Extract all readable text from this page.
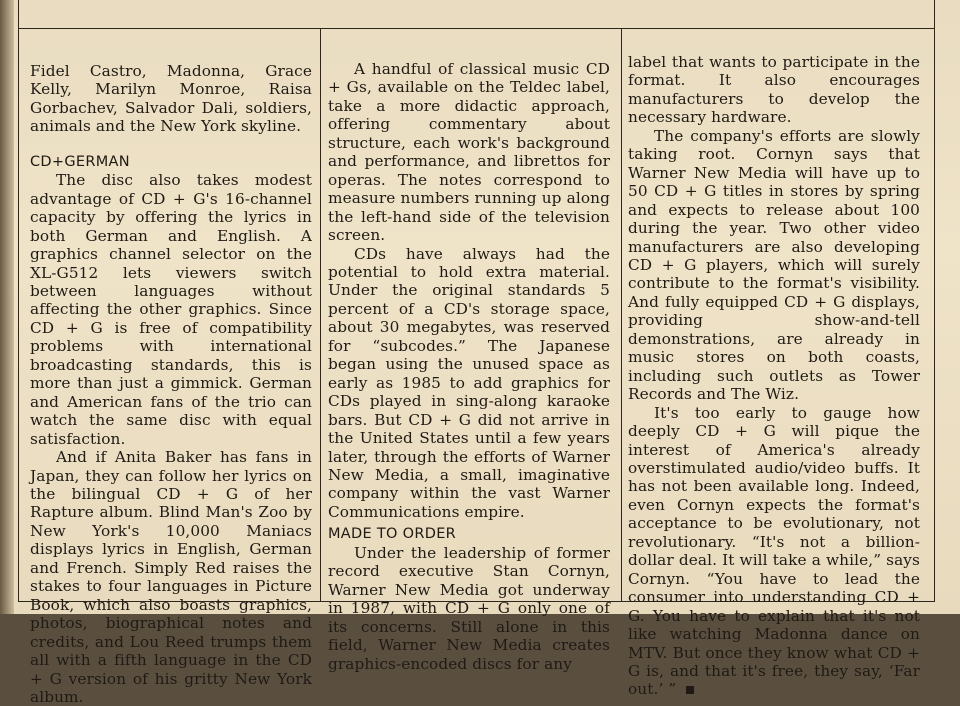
Fidel Castro, Madonna, Grace Kelly, Marilyn Monroe, Raisa Gorbachev, Salvador Dali, soldiers, animals and the New York skyline.

CD+GERMAN

The disc also takes modest advantage of CD + G's 16-channel capacity by offering the lyrics in both German and English. A graphics channel selector on the XL-G512 lets viewers switch between languages without affecting the other graphics. Since CD + G is free of compatibility problems with international broadcasting standards, this is more than just a gimmick. German and American fans of the trio can watch the same disc with equal satisfaction.

And if Anita Baker has fans in Japan, they can follow her lyrics on the bilingual CD + G of her Rapture album. Blind Man's Zoo by New York's 10,000 Maniacs displays lyrics in English, German and French. Simply Red raises the stakes to four languages in Picture Book, which also boasts graphics, photos, biographical notes and credits, and Lou Reed trumps them all with a fifth language in the CD + G version of his gritty New York album.

A handful of classical music CD + Gs, available on the Teldec label, take a more didactic approach, offering commentary about structure, each work's background and performance, and librettos for operas. The notes correspond to measure numbers running up along the left-hand side of the television screen.

CDs have always had the potential to hold extra material. Under the original standards 5 percent of a CD's storage space, about 30 megabytes, was reserved for “subcodes.” The Japanese began using the unused space as early as 1985 to add graphics for CDs played in sing-along karaoke bars. But CD + G did not arrive in the United States until a few years later, through the efforts of Warner New Media, a small, imaginative company within the vast Warner Communications empire.

MADE TO ORDER

Under the leadership of former record executive Stan Cornyn, Warner New Media got underway in 1987, with CD + G only one of its concerns. Still alone in this field, Warner New Media creates graphics-encoded discs for any

label that wants to participate in the format. It also encourages manufacturers to develop the necessary hardware.

The company's efforts are slowly taking root. Cornyn says that Warner New Media will have up to 50 CD + G titles in stores by spring and expects to release about 100 during the year. Two other video manufacturers are also developing CD + G players, which will surely contribute to the format's visibility. And fully equipped CD + G displays, providing show-and-tell demonstrations, are already in music stores on both coasts, including such outlets as Tower Records and The Wiz.

It's too early to gauge how deeply CD + G will pique the interest of America's already overstimulated audio/video buffs. It has not been available long. Indeed, even Cornyn expects the format's acceptance to be evolutionary, not revolutionary. “It's not a billion-dollar deal. It will take a while,” says Cornyn. “You have to lead the consumer into understanding CD + G. You have to explain that it's not like watching Madonna dance on MTV. But once they know what CD + G is, and that it's free, they say, ‘Far out.’ ”
